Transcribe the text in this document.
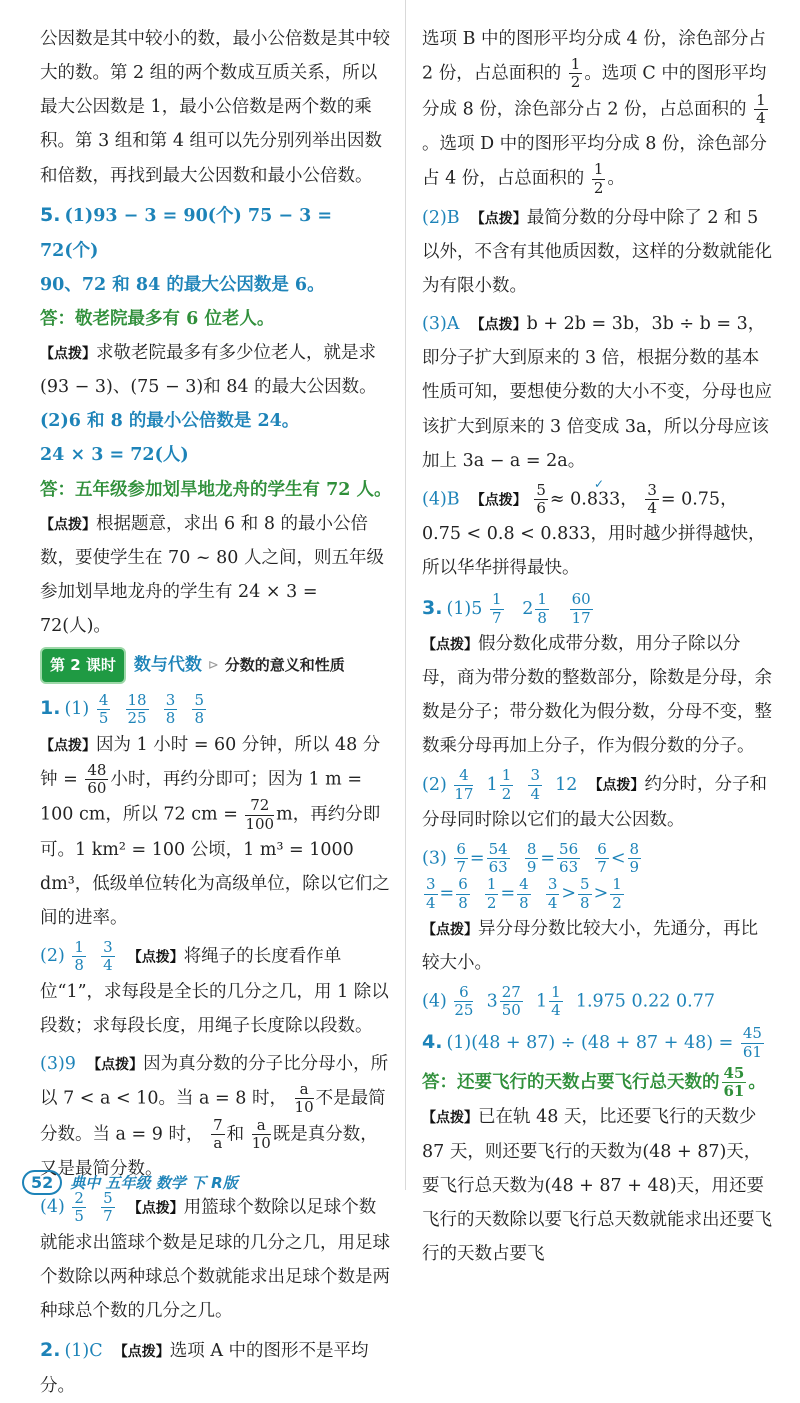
公因数是其中较小的数，最小公倍数是其中较大的数。第 2 组的两个数成互质关系，所以最大公因数是 1，最小公倍数是两个数的乘积。第 3 组和第 4 组可以先分别列举出因数和倍数，再找到最大公因数和最小公倍数。

5. (1)93 − 3 = 90(个) 75 − 3 = 72(个)

90、72 和 84 的最大公因数是 6。

答：敬老院最多有 6 位老人。

【点拨】求敬老院最多有多少位老人，就是求(93 − 3)、(75 − 3)和 84 的最大公因数。

(2)6 和 8 的最小公倍数是 24。

24 × 3 = 72(人)

答：五年级参加划旱地龙舟的学生有 72 人。

【点拨】根据题意，求出 6 和 8 的最小公倍数，要使学生在 70 ~ 80 人之间，则五年级参加划旱地龙舟的学生有 24 × 3 = 72(人)。

第 2 课时	数与代数 ⊳ 分数的意义和性质

1. $(1) \frac{4}{5}$
$\frac{18}{25}$
$\frac{3}{8}$
$\frac{5}{8}$

【点拨】因为 1 小时 = 60 分钟，所以 48 分钟 = $\frac{48}{60}$ 小时，再约分即可；因为 1 m = 100 cm，所以 72 cm = $\frac{72}{100}$ m，再约分即可。1 km² = 100 公顷，1 m³ = 1000 dm³，低级单位转化为高级单位，除以它们之间的进率。

$(2) \frac{1}{8}$
$\frac{3}{4}$ 【点拨】将绳子的长度看作单位“1”，求每段是全长的几分之几，用 1 除以段数；求每段长度，用绳子长度除以段数。

(3)9 【点拨】因为真分数的分子比分母小，所以 7 < a < 10。当 a = 8 时， $\frac{a}{10}$ 不是最简分数。当 a = 9 时， $\frac{7}{a}$ 和 $\frac{a}{10}$ 既是真分数，又是最简分数。

$(4) \frac{2}{5}$
$\frac{5}{7}$ 【点拨】用篮球个数除以足球个数就能求出篮球个数是足球的几分之几，用足球个数除以两种球总个数就能求出足球个数是两种球总个数的几分之几。

2. (1)C 【点拨】选项 A 中的图形不是平均分。

选项 B 中的图形平均分成 4 份，涂色部分占 2 份，占总面积的 $\frac{1}{2}$ 。选项 C 中的图形平均分成 8 份，涂色部分占 2 份，占总面积的 $\frac{1}{4}$
。选项 D 中的图形平均分成 8 份，涂色部分占 4 份，占总面积的 $\frac{1}{2}$ 。

(2)B 【点拨】最简分数的分母中除了 2 和 5 以外，不含有其他质因数，这样的分数就能化为有限小数。

(3)A 【点拨】b + 2b = 3b，3b ÷ b = 3，即分子扩大到原来的 3 倍，根据分数的基本性质可知，要想使分数的大小不变，分母也应该扩大到原来的 3 倍变成 3a，所以分母应该加上 3a − a = 2a。

(4)B 【点拨】 $\frac{5}{6} \approx 0.833$， $\frac{3}{4} = 0.75$，0.75 < 0.8 < 0.833，用时越少拼得越快，所以华华拼得最快。

3. $(1)5 \frac{1}{7} 2 \frac{1}{8}$
$\frac{60}{17}$

【点拨】假分数化成带分数，用分子除以分母，商为带分数的整数部分，除数是分母，余数是分子；带分数化为假分数，分母不变，整数乘分母再加上分子，作为假分数的分子。

$(2) \frac{4}{17} 1 \frac{1}{2}$
$\frac{3}{4} 12$ 【点拨】约分时，分子和分母同时除以它们的最大公因数。

$(3) \frac{6}{7} = \frac{54}{63}$
$\frac{8}{9} = \frac{56}{63}$
$\frac{6}{7} < \frac{8}{9}$

$\frac{3}{4} = \frac{6}{8}$
$\frac{1}{2} = \frac{4}{8}$
$\frac{3}{4} > \frac{5}{8} > \frac{1}{2}$

【点拨】异分母分数比较大小，先通分，再比较大小。

$(4) \frac{6}{25} 3 \frac{27}{50} 1 \frac{1}{4} 1.975$ 0.22 0.77

4. $(1)(48 + 87) \div (48 + 87 + 48) = \frac{45}{61}$

答：还要飞行的天数占要飞行总天数的 $\frac{45}{61}$ 。

【点拨】已在轨 48 天，比还要飞行的天数少 87 天，则还要飞行的天数为(48 + 87)天，要飞行总天数为(48 + 87 + 48)天，用还要飞行的天数除以要飞行总天数就能求出还要飞行的天数占要飞

✓
52	典中 五年级 数学 下 R版
